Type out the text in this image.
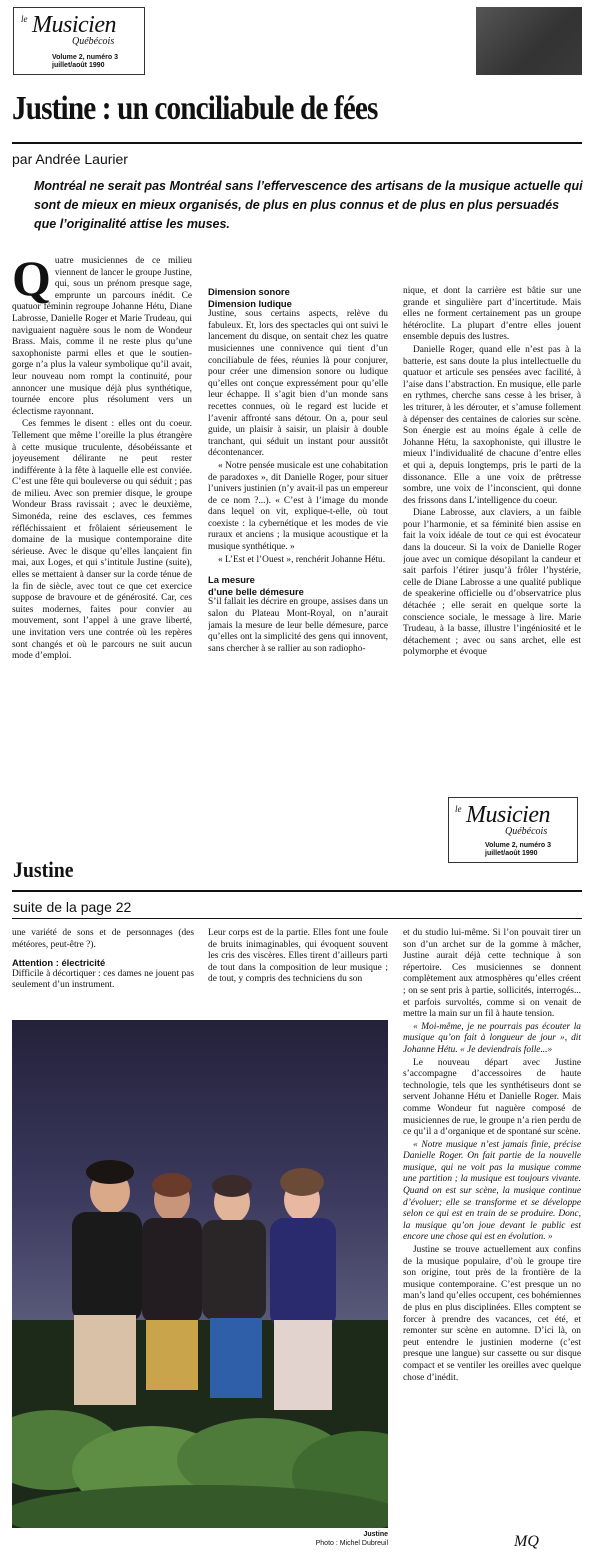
le Musicien
Québécois
Volume 2, numéro 3
juillet/août 1990
Justine : un conciliabule de fées
par Andrée Laurier
Montréal ne serait pas Montréal sans l’effervescence des artisans de la musique actuelle qui sont de mieux en mieux organisés, de plus en plus connus et de plus en plus persuadés que l’originalité attise les muses.
Q uatre musiciennes de ce milieu viennent de lancer le groupe Justine, qui, sous un prénom presque sage, emprunte un parcours inédit. Ce quatuor féminin regroupe Johanne Hétu, Diane Labrosse, Danielle Roger et Marie Trudeau, qui naviguaient naguère sous le nom de Wondeur Brass. Mais, comme il ne reste plus qu’une saxophoniste parmi elles et que le soutien-gorge n’a plus la valeur symbolique qu’il avait, leur nouveau nom rompt la continuité, pour annoncer une musique déjà plus synthétique, tournée encore plus résolument vers un éclectisme rayonnant.

Ces femmes le disent : elles ont du coeur. Tellement que même l’oreille la plus étrangère à cette musique truculente, désobéissante et joyeusement délirante ne peut rester indifférente à la fête à laquelle elle est conviée. C’est une fête qui bouleverse ou qui séduit ; pas de milieu. Avec son premier disque, le groupe Wondeur Brass ravissait ; avec le deuxième, Simonéda, reine des esclaves, ces femmes réfléchissaient et frôlaient sérieusement le domaine de la musique contemporaine dite sérieuse. Avec le disque qu’elles lançaient fin mai, aux Loges, et qui s’intitule Justine (suite), elles se mettaient à danser sur la corde ténue de la fin de siècle, avec tout ce que cet exercice suppose de bravoure et de générosité. Car, ces suites modernes, faites pour convier au mouvement, sont l’appel à une grave liberté, une invitation vers une contrée où les repères sont changés et où le parcours ne suit aucun mode d’emploi.

Dimension sonore
Dimension ludique

Justine, sous certains aspects, relève du fabuleux. Et, lors des spectacles qui ont suivi le lancement du disque, on sentait chez les quatre musiciennes une connivence qui tient d’un conciliabule de fées, réunies là pour conjurer, pour créer une dimension sonore ou ludique qu’elles ont conçue expressément pour qu’elle leur échappe. Il s’agit bien d’un monde sans recettes connues, où le regard est lucide et l’avenir affronté sans détour. On a, pour seul guide, un plaisir à saisir, un plaisir à double tranchant, qui séduit un instant pour aussitôt décontenancer.

« Notre pensée musicale est une cohabitation de paradoxes », dit Danielle Roger, pour situer l’univers justinien (n’y avait-il pas un empereur de ce nom ?...). « C’est à l’image du monde dans lequel on vit, explique-t-elle, où tout coexiste : la cybernétique et les modes de vie ruraux et anciens ; la musique acoustique et la musique synthétique. »

« L’Est et l’Ouest », renchérit Johanne Hétu.

La mesure
d’une belle démesure

S’il fallait les décrire en groupe, assises dans un salon du Plateau Mont-Royal, on n’aurait jamais la mesure de leur belle démesure, parce qu’elles ont la simplicité des gens qui innovent, sans chercher à se rallier au son radiopho-

nique, et dont la carrière est bâtie sur une grande et singulière part d’incertitude. Mais elles ne forment certainement pas un groupe hétéroclite. La plupart d’entre elles jouent ensemble depuis des lustres.

Danielle Roger, quand elle n’est pas à la batterie, est sans doute la plus intellectuelle du quatuor et articule ses pensées avec facilité, à l’aise dans l’abstraction. En musique, elle parle en rythmes, cherche sans cesse à les briser, à les triturer, à les dérouter, et s’amuse follement à dépenser des centaines de calories sur scène. Son énergie est au moins égale à celle de Johanne Hétu, la saxophoniste, qui illustre le mieux l’individualité de chacune d’entre elles et qui a, depuis longtemps, pris le parti de la dissonance. Elle a une voix de prêtresse sombre, une voix de l’inconscient, qui donne des frissons dans L’intelligence du coeur.

Diane Labrosse, aux claviers, a un faible pour l’harmonie, et sa féminité bien assise en fait la voix idéale de tout ce qui est évocateur dans la douceur. Si la voix de Danielle Roger joue avec un comique désopilant la candeur et sait parfois l’étirer jusqu’à frôler l’hystérie, celle de Diane Labrosse a une qualité publique de speakerine officielle ou d’observatrice plus détachée ; elle serait en quelque sorte la conscience sociale, le message à lire. Marie Trudeau, à la basse, illustre l’ingéniosité et le détachement ; avec ou sans archet, elle est polymorphe et évoque

le Musicien
Québécois
Volume 2, numéro 3
juillet/août 1990
Justine
suite de la page 22

une variété de sons et de personnages (des météores, peut-être ?).

Attention : électricité

Difficile à décortiquer : ces dames ne jouent pas seulement d’un instrument.

Leur corps est de la partie. Elles font une foule de bruits inimaginables, qui évoquent souvent les cris des viscères. Elles tirent d’ailleurs parti de tout dans la composition de leur musique ; de tout, y compris des techniciens du son

Justine
Photo : Michel Dubreuil

et du studio lui-même. Si l’on pouvait tirer un son d’un archet sur de la gomme à mâcher, Justine aurait déjà cette technique à son répertoire. Ces musiciennes se donnent complètement aux atmosphères qu’elles créent ; on se sent pris à partie, sollicités, interrogés... et parfois survoltés, comme si on venait de mettre la main sur un fil à haute tension.

« Moi-même, je ne pourrais pas écouter la musique qu’on fait à longueur de jour », dit Johanne Hétu. « Je deviendrais folle...»

Le nouveau départ avec Justine s’accompagne d’accessoires de haute technologie, tels que les synthétiseurs dont se servent Johanne Hétu et Danielle Roger. Mais comme Wondeur fut naguère composé de musiciennes de rue, le groupe n’a rien perdu de ce qu’il a d’organique et de spontané sur scène.

« Notre musique n’est jamais finie, précise Danielle Roger. On fait partie de la nouvelle musique, qui ne voit pas la musique comme une partition ; la musique est toujours vivante. Quand on est sur scène, la musique continue d’évoluer; elle se transforme et se développe selon ce qui est en train de se produire. Donc, la musique qu’on joue devant le public est encore une chose qui est en évolution. »

Justine se trouve actuellement aux confins de la musique populaire, d’où le groupe tire son origine, tout près de la frontière de la musique contemporaine. C’est presque un no man’s land qu’elles occupent, ces bohémiennes de plus en plus disciplinées. Elles comptent se forcer à prendre des vacances, cet été, et remonter sur scène en automne. D’ici là, on peut entendre le justinien moderne (c’est presque une langue) sur cassette ou sur disque compact et se ventiler les oreilles avec quelque chose d’inédit.

MQ
